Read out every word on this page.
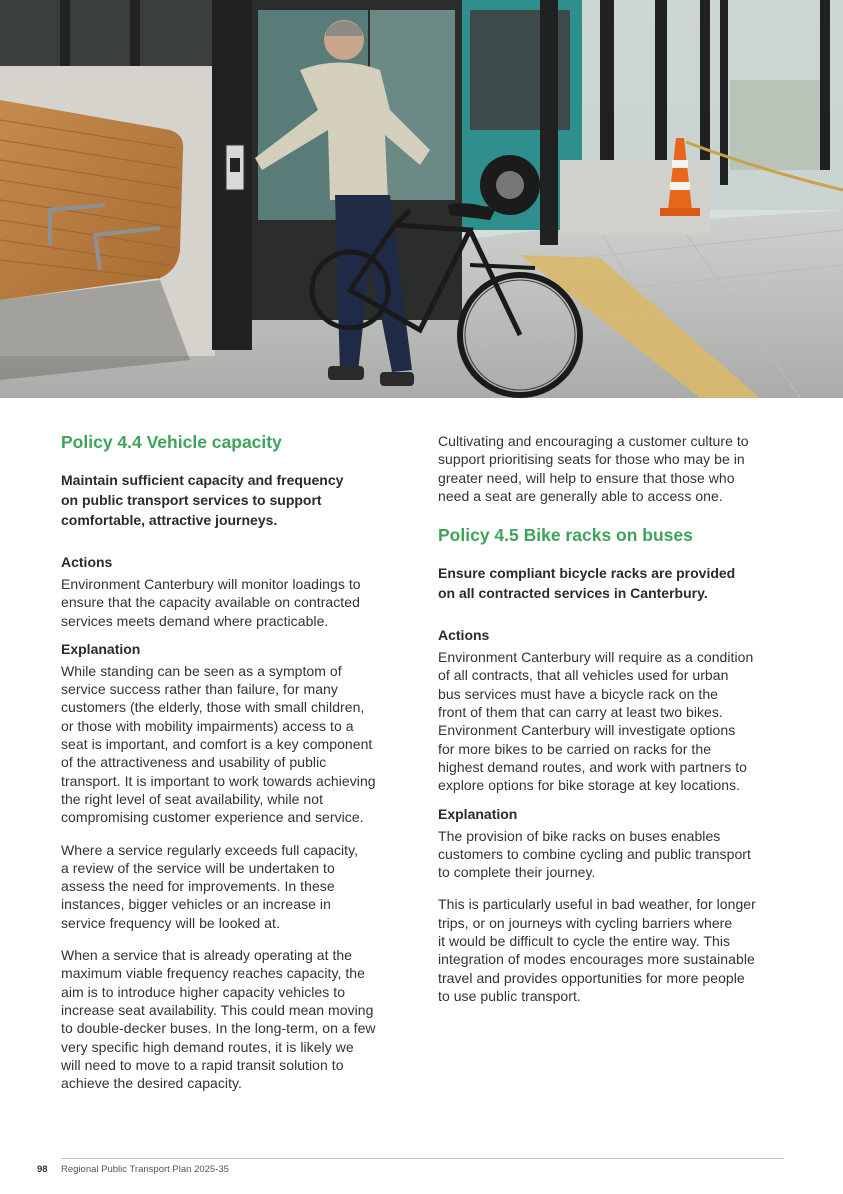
Policy 4.4 Vehicle capacity

Maintain sufficient capacity and frequency
on public transport services to support
comfortable, attractive journeys.

Actions

Environment Canterbury will monitor loadings to
ensure that the capacity available on contracted
services meets demand where practicable.

Explanation

While standing can be seen as a symptom of
service success rather than failure, for many
customers (the elderly, those with small children,
or those with mobility impairments) access to a
seat is important, and comfort is a key component
of the attractiveness and usability of public
transport. It is important to work towards achieving
the right level of seat availability, while not
compromising customer experience and service.

Where a service regularly exceeds full capacity,
a review of the service will be undertaken to
assess the need for improvements. In these
instances, bigger vehicles or an increase in
service frequency will be looked at.

When a service that is already operating at the
maximum viable frequency reaches capacity, the
aim is to introduce higher capacity vehicles to
increase seat availability. This could mean moving
to double-decker buses. In the long-term, on a few
very specific high demand routes, it is likely we
will need to move to a rapid transit solution to
achieve the desired capacity.

Cultivating and encouraging a customer culture to
support prioritising seats for those who may be in
greater need, will help to ensure that those who
need a seat are generally able to access one.

Policy 4.5 Bike racks on buses

Ensure compliant bicycle racks are provided
on all contracted services in Canterbury.

Actions

Environment Canterbury will require as a condition
of all contracts, that all vehicles used for urban
bus services must have a bicycle rack on the
front of them that can carry at least two bikes.
Environment Canterbury will investigate options
for more bikes to be carried on racks for the
highest demand routes, and work with partners to
explore options for bike storage at key locations.

Explanation

The provision of bike racks on buses enables
customers to combine cycling and public transport
to complete their journey.

This is particularly useful in bad weather, for longer
trips, or on journeys with cycling barriers where
it would be difficult to cycle the entire way. This
integration of modes encourages more sustainable
travel and provides opportunities for more people
to use public transport.

98 Regional Public Transport Plan 2025-35
